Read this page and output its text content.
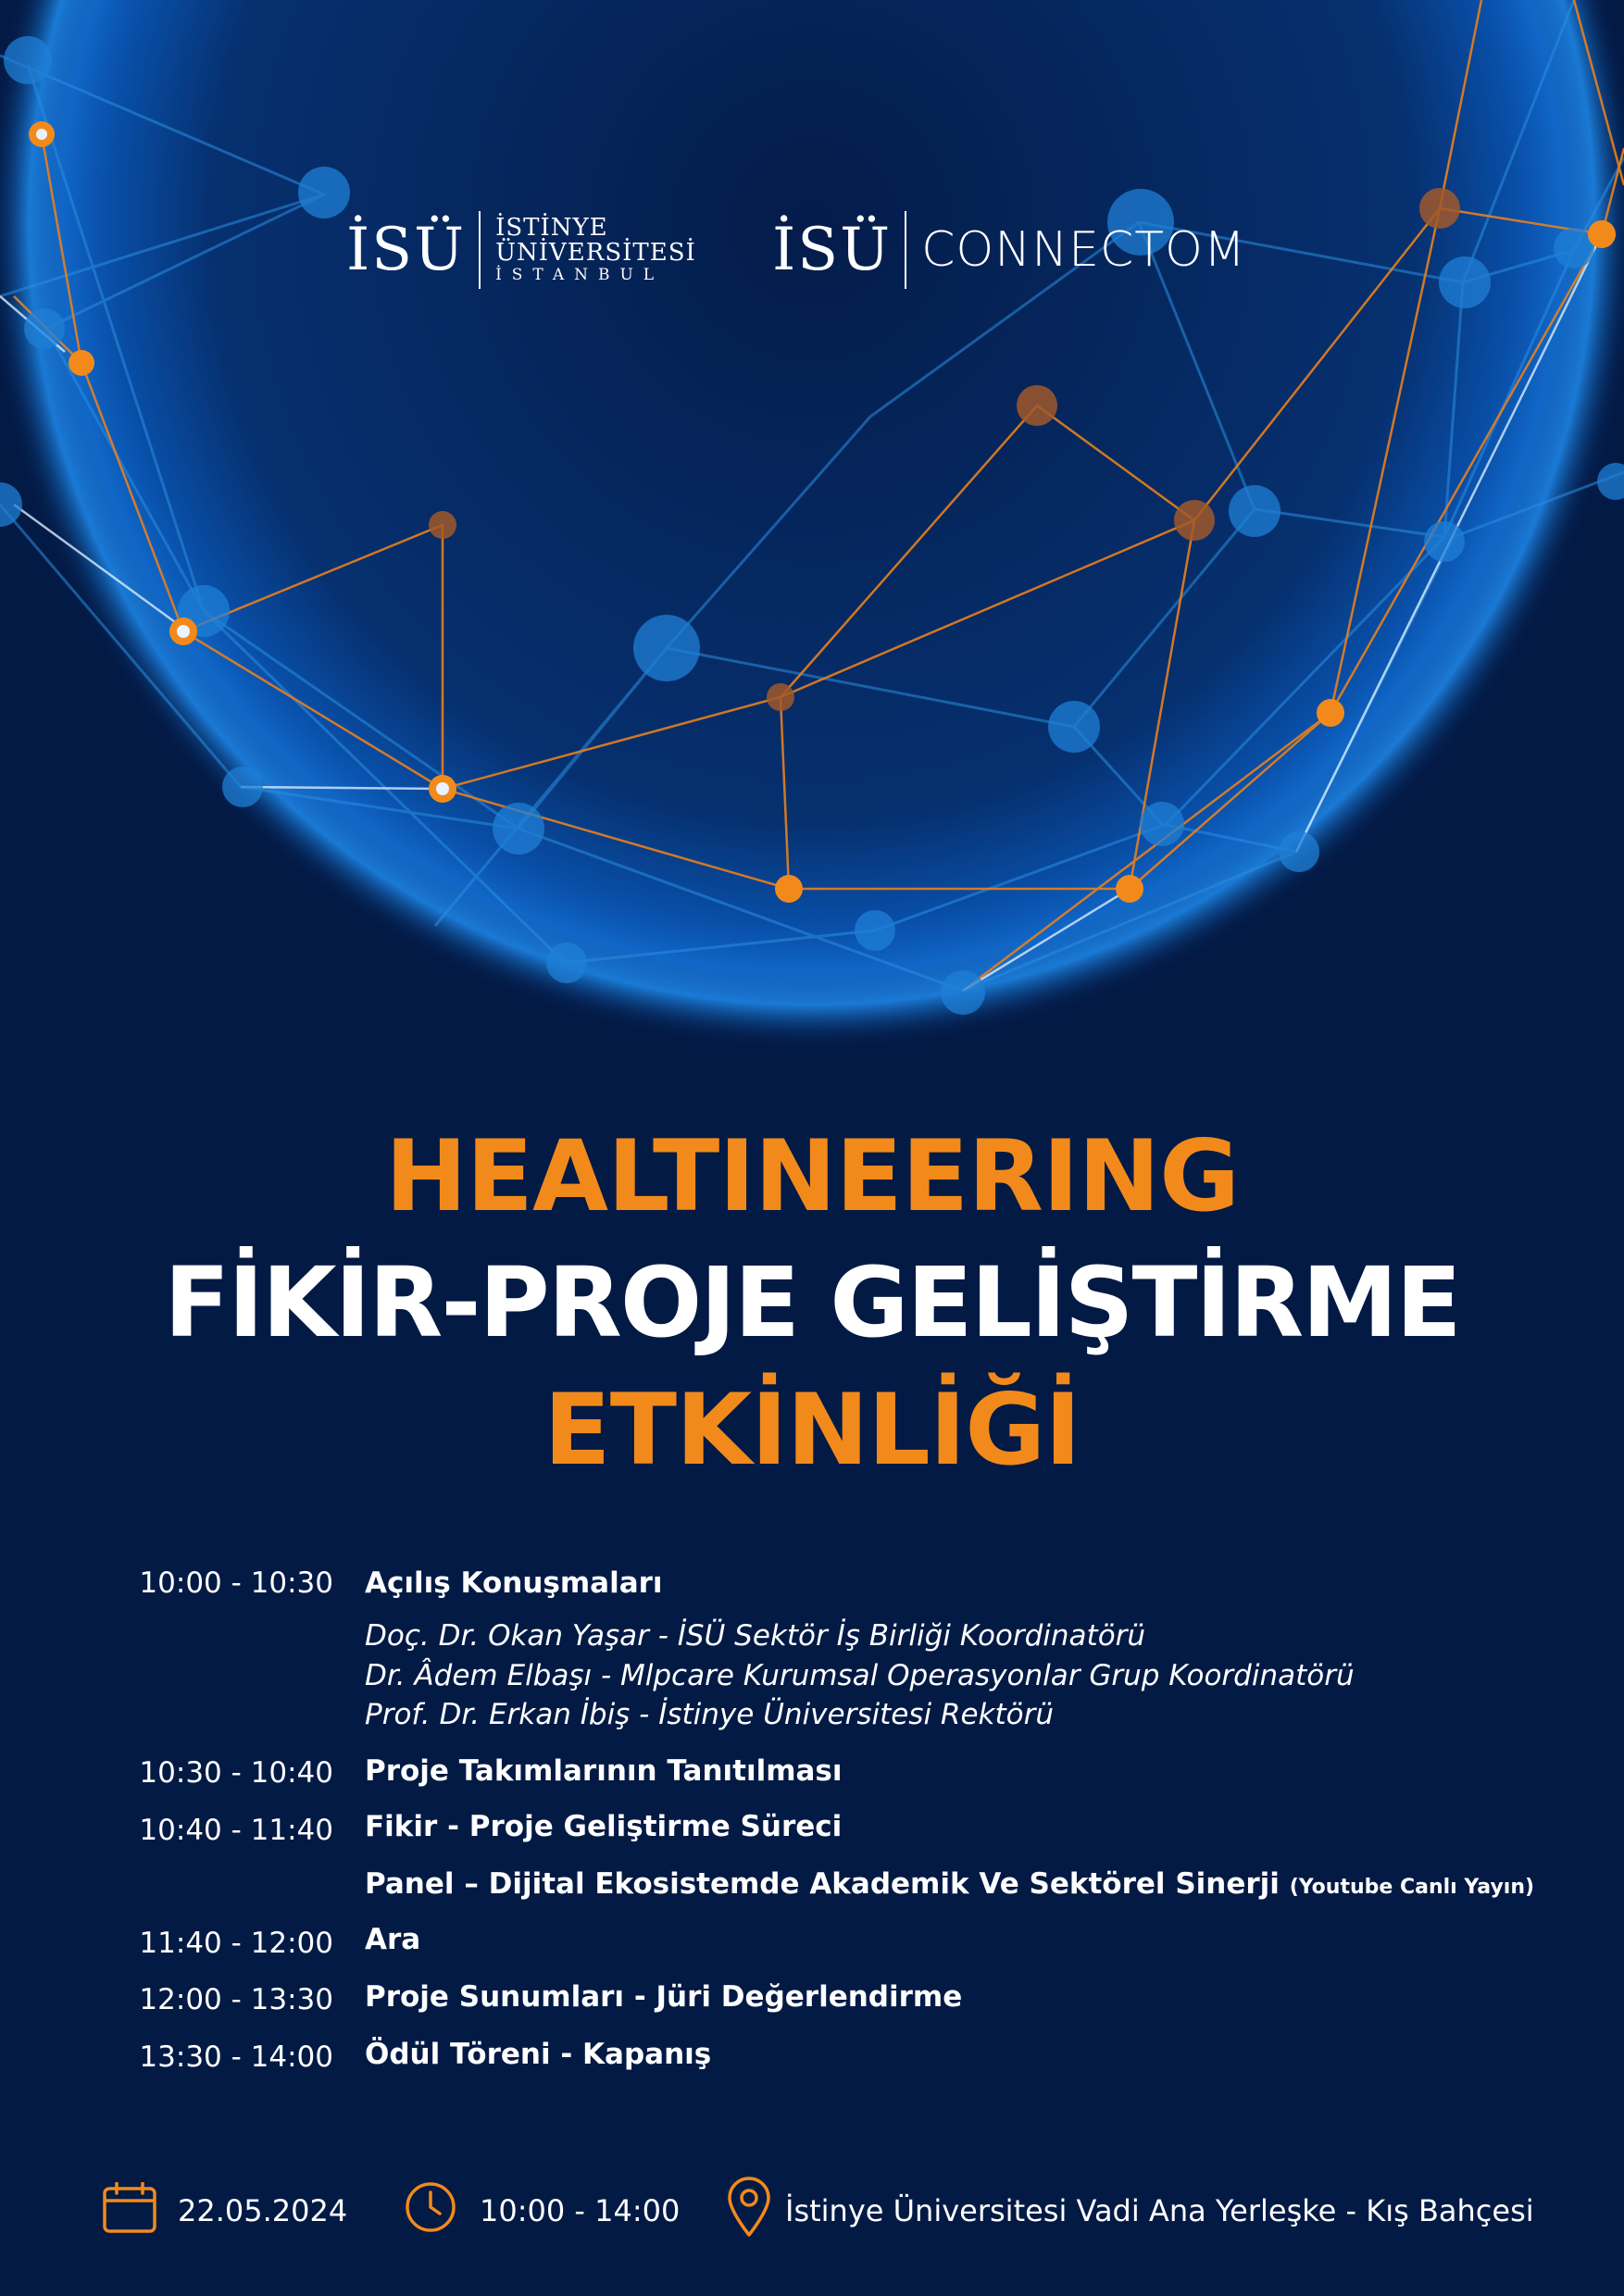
İSÜ İSTİNYE
ÜNİVERSİTESİ
İSTANBUL	İSÜ CONNECTOM
HEALTINEERING
FİKİR-PROJE GELİŞTİRME
ETKİNLİĞİ
10:00 - 10:30 Açılış Konuşmaları
Doç. Dr. Okan Yaşar - İSÜ Sektör İş Birliği Koordinatörü
Dr. Âdem Elbaşı - Mlpcare Kurumsal Operasyonlar Grup Koordinatörü
Prof. Dr. Erkan İbiş - İstinye Üniversitesi Rektörü
10:30 - 10:40 Proje Takımlarının Tanıtılması
10:40 - 11:40 Fikir - Proje Geliştirme Süreci
Panel – Dijital Ekosistemde Akademik Ve Sektörel Sinerji (Youtube Canlı Yayın)
11:40 - 12:00 Ara
12:00 - 13:30 Proje Sunumları - Jüri Değerlendirme
13:30 - 14:00 Ödül Töreni - Kapanış
22.05.2024	10:00 - 14:00	İstinye Üniversitesi Vadi Ana Yerleşke - Kış Bahçesi
